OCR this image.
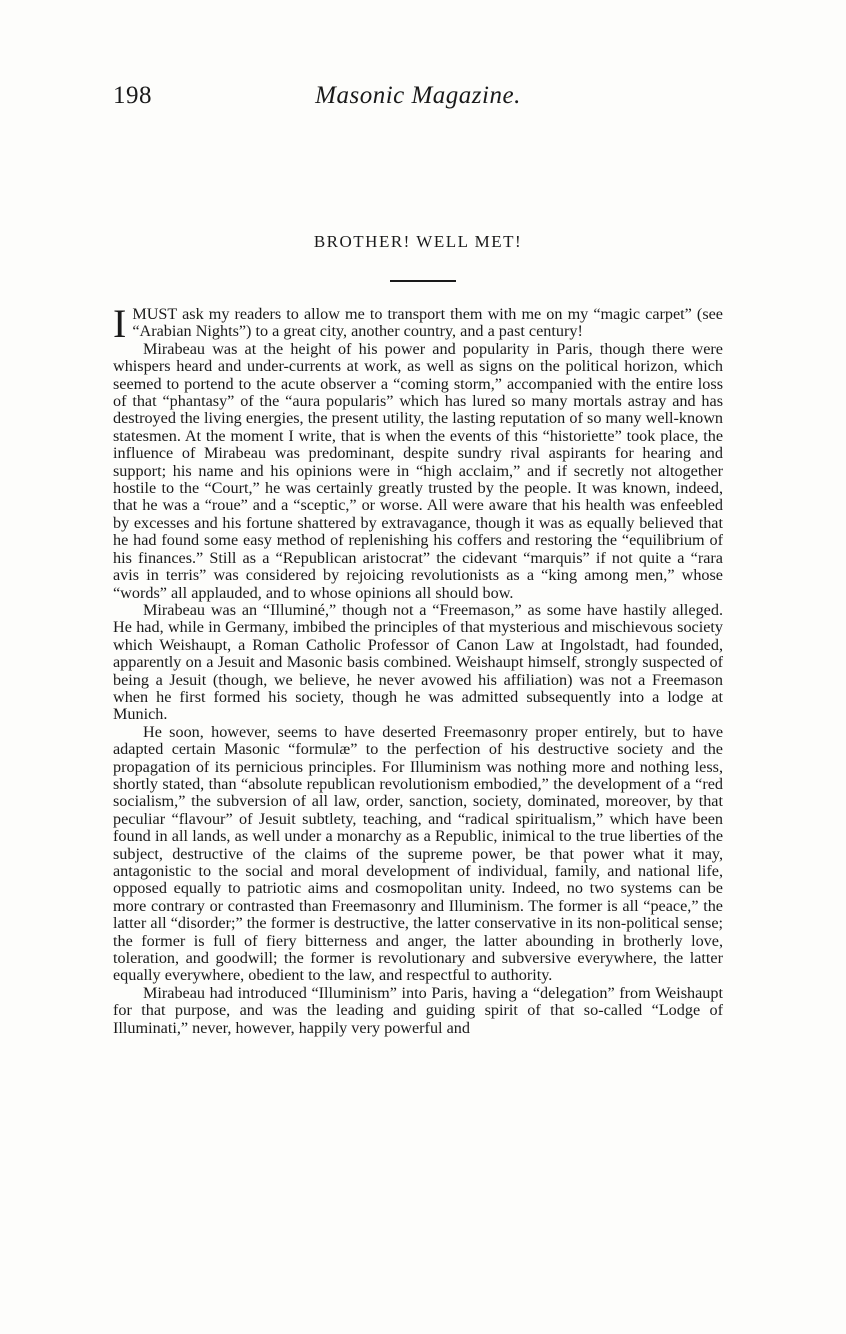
198	Masonic Magazine.
BROTHER! WELL MET!

IMUST ask my readers to allow me to transport them with me on my “magic carpet” (see “Arabian Nights”) to a great city, another country, and a past century!

Mirabeau was at the height of his power and popularity in Paris, though there were whispers heard and under-currents at work, as well as signs on the political horizon, which seemed to portend to the acute observer a “coming storm,” accompanied with the entire loss of that “phantasy” of the “aura popularis” which has lured so many mortals astray and has destroyed the living energies, the present utility, the lasting reputation of so many well-known statesmen. At the moment I write, that is when the events of this “historiette” took place, the influence of Mirabeau was predominant, despite sundry rival aspirants for hearing and support; his name and his opinions were in “high acclaim,” and if secretly not altogether hostile to the “Court,” he was certainly greatly trusted by the people. It was known, indeed, that he was a “roue” and a “sceptic,” or worse. All were aware that his health was enfeebled by excesses and his fortune shattered by extravagance, though it was as equally believed that he had found some easy method of replenishing his coffers and restoring the “equilibrium of his finances.” Still as a “Republican aristocrat” the cidevant “marquis” if not quite a “rara avis in terris” was considered by rejoicing revolutionists as a “king among men,” whose “words” all applauded, and to whose opinions all should bow.

Mirabeau was an “Illuminé,” though not a “Freemason,” as some have hastily alleged. He had, while in Germany, imbibed the principles of that mysterious and mischievous society which Weishaupt, a Roman Catholic Professor of Canon Law at Ingolstadt, had founded, apparently on a Jesuit and Masonic basis combined. Weishaupt himself, strongly suspected of being a Jesuit (though, we believe, he never avowed his affiliation) was not a Freemason when he first formed his society, though he was admitted subsequently into a lodge at Munich.

He soon, however, seems to have deserted Freemasonry proper entirely, but to have adapted certain Masonic “formulæ” to the perfection of his destructive society and the propagation of its pernicious principles. For Illuminism was nothing more and nothing less, shortly stated, than “absolute republican revolutionism embodied,” the development of a “red socialism,” the subversion of all law, order, sanction, society, dominated, moreover, by that peculiar “flavour” of Jesuit subtlety, teaching, and “radical spiritualism,” which have been found in all lands, as well under a monarchy as a Republic, inimical to the true liberties of the subject, destructive of the claims of the supreme power, be that power what it may, antagonistic to the social and moral development of individual, family, and national life, opposed equally to patriotic aims and cosmopolitan unity. Indeed, no two systems can be more contrary or contrasted than Freemasonry and Illuminism. The former is all “peace,” the latter all “disorder;” the former is destructive, the latter conservative in its non-political sense; the former is full of fiery bitterness and anger, the latter abounding in brotherly love, toleration, and goodwill; the former is revolutionary and subversive everywhere, the latter equally everywhere, obedient to the law, and respectful to authority.

Mirabeau had introduced “Illuminism” into Paris, having a “delegation” from Weishaupt for that purpose, and was the leading and guiding spirit of that so-called “Lodge of Illuminati,” never, however, happily very powerful and
